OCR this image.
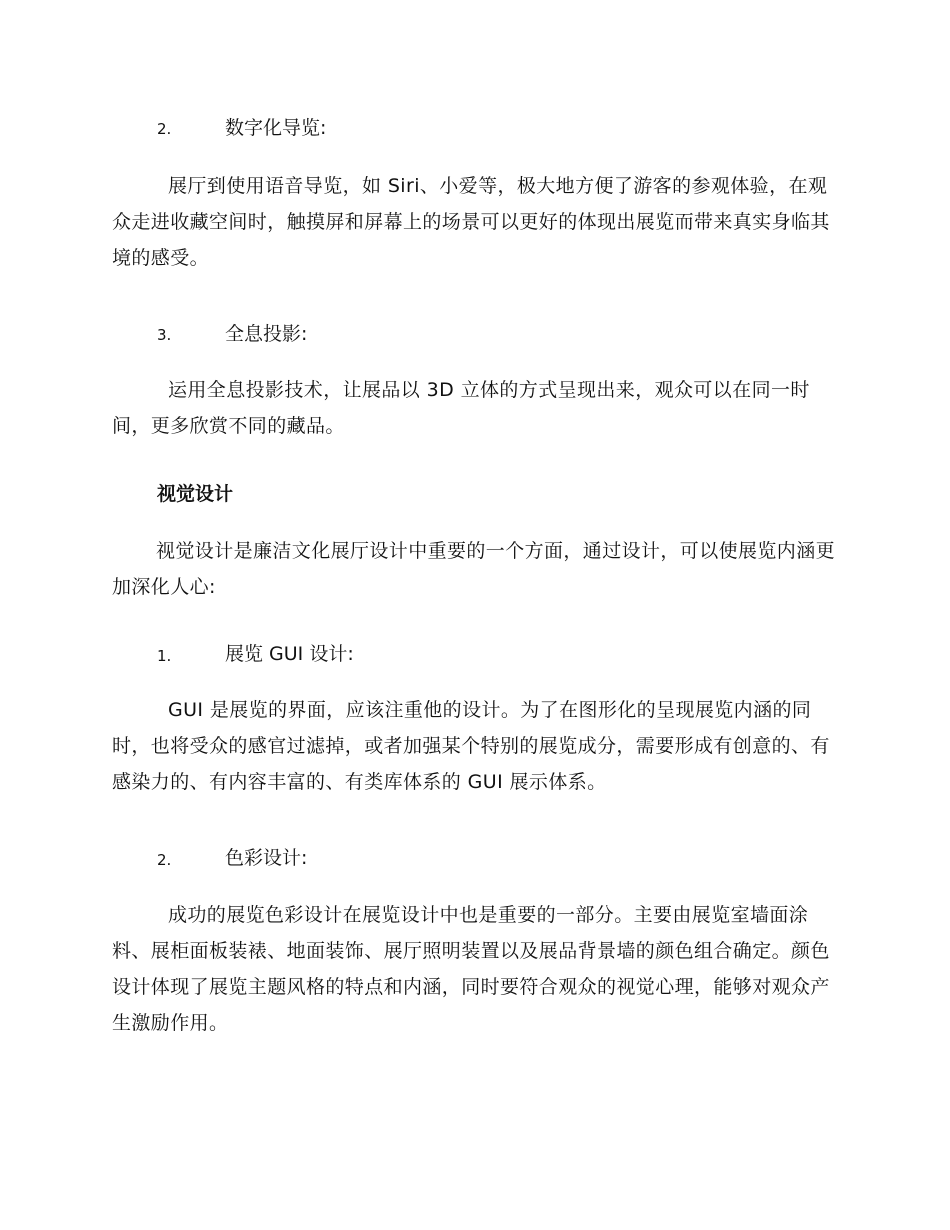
2.	数字化导览:

展厅到使用语音导览，如 Siri、小爱等，极大地方便了游客的参观体验，在观众走进收藏空间时，触摸屏和屏幕上的场景可以更好的体现出展览而带来真实身临其境的感受。

3.	全息投影:

运用全息投影技术，让展品以 3D 立体的方式呈现出来，观众可以在同一时间，更多欣赏不同的藏品。

视觉设计

视觉设计是廉洁文化展厅设计中重要的一个方面，通过设计，可以使展览内涵更加深化人心:

1.	展览 GUI 设计:

GUI 是展览的界面，应该注重他的设计。为了在图形化的呈现展览内涵的同时，也将受众的感官过滤掉，或者加强某个特别的展览成分，需要形成有创意的、有感染力的、有内容丰富的、有类库体系的 GUI 展示体系。

2.	色彩设计:

成功的展览色彩设计在展览设计中也是重要的一部分。主要由展览室墙面涂料、展柜面板装裱、地面装饰、展厅照明装置以及展品背景墙的颜色组合确定。颜色设计体现了展览主题风格的特点和内涵，同时要符合观众的视觉心理，能够对观众产生激励作用。
